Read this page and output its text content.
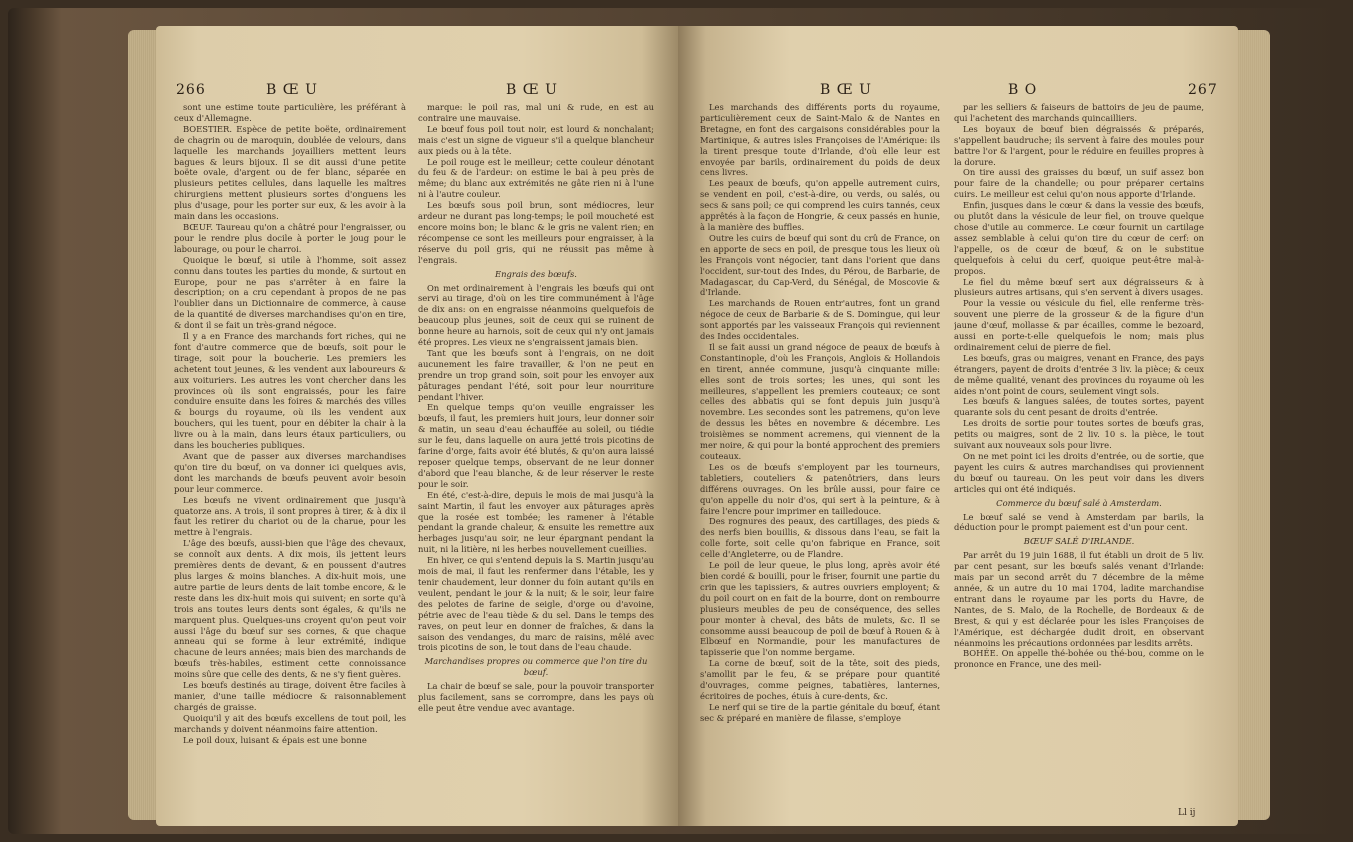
266	B Œ U	B Œ U

sont une estime toute particulière, les préférant à ceux d'Allemagne.

BOESTIER. Espèce de petite boëte, ordinairement de chagrin ou de maroquin, doublée de velours, dans laquelle les marchands joyailliers mettent leurs bagues & leurs bijoux. Il se dit aussi d'une petite boëte ovale, d'argent ou de fer blanc, séparée en plusieurs petites cellules, dans laquelle les maîtres chirurgiens mettent plusieurs sortes d'onguens les plus d'usage, pour les porter sur eux, & les avoir à la main dans les occasions.

BŒUF. Taureau qu'on a châtré pour l'engraisser, ou pour le rendre plus docile à porter le joug pour le labourage, ou pour le charroi.

Quoique le bœuf, si utile à l'homme, soit assez connu dans toutes les parties du monde, & surtout en Europe, pour ne pas s'arrêter à en faire la description; on a cru cependant à propos de ne pas l'oublier dans un Dictionnaire de commerce, à cause de la quantité de diverses marchandises qu'on en tire, & dont il se fait un très-grand négoce.

Il y a en France des marchands fort riches, qui ne font d'autre commerce que de bœufs, soit pour le tirage, soit pour la boucherie. Les premiers les achetent tout jeunes, & les vendent aux laboureurs & aux voituriers. Les autres les vont chercher dans les provinces où ils sont engraissés, pour les faire conduire ensuite dans les foires & marchés des villes & bourgs du royaume, où ils les vendent aux bouchers, qui les tuent, pour en débiter la chair à la livre ou à la main, dans leurs étaux particuliers, ou dans les boucheries publiques.

Avant que de passer aux diverses marchandises qu'on tire du bœuf, on va donner ici quelques avis, dont les marchands de bœufs peuvent avoir besoin pour leur commerce.

Les bœufs ne vivent ordinairement que jusqu'à quatorze ans. A trois, il sont propres à tirer, & à dix il faut les retirer du chariot ou de la charue, pour les mettre à l'engrais.

L'âge des bœufs, aussi-bien que l'âge des chevaux, se connoît aux dents. A dix mois, ils jettent leurs premières dents de devant, & en poussent d'autres plus larges & moins blanches. A dix-huit mois, une autre partie de leurs dents de lait tombe encore, & le reste dans les dix-huit mois qui suivent; en sorte qu'à trois ans toutes leurs dents sont égales, & qu'ils ne marquent plus. Quelques-uns croyent qu'on peut voir aussi l'âge du bœuf sur ses cornes, & que chaque anneau qui se forme à leur extrémité, indique chacune de leurs années; mais bien des marchands de bœufs très-habiles, estiment cette connoissance moins sûre que celle des dents, & ne s'y fient guères.

Les bœufs destinés au tirage, doivent être faciles à manier, d'une taille médiocre & raisonnablement chargés de graisse.

Quoiqu'il y ait des bœufs excellens de tout poil, les marchands y doivent néanmoins faire attention.

Le poil doux, luisant & épais est une bonne

marque: le poil ras, mal uni & rude, en est au contraire une mauvaise.

Le bœuf fous poil tout noir, est lourd & nonchalant; mais c'est un signe de vigueur s'il a quelque blancheur aux pieds ou à la tête.

Le poil rouge est le meilleur; cette couleur dénotant du feu & de l'ardeur: on estime le bai à peu près de même; du blanc aux extrémités ne gâte rien ni à l'une ni à l'autre couleur.

Les bœufs sous poil brun, sont médiocres, leur ardeur ne durant pas long-temps; le poil moucheté est encore moins bon; le blanc & le gris ne valent rien; en récompense ce sont les meilleurs pour engraisser, à la réserve du poil gris, qui ne réussit pas même à l'engrais.

Engrais des bœufs.

On met ordinairement à l'engrais les bœufs qui ont servi au tirage, d'où on les tire communément à l'âge de dix ans: on en engraisse néanmoins quelquefois de beaucoup plus jeunes, soit de ceux qui se ruinent de bonne heure au harnois, soit de ceux qui n'y ont jamais été propres. Les vieux ne s'engraissent jamais bien.

Tant que les bœufs sont à l'engrais, on ne doit aucunement les faire travailler, & l'on ne peut en prendre un trop grand soin, soit pour les envoyer aux pâturages pendant l'été, soit pour leur nourriture pendant l'hiver.

En quelque temps qu'on veuille engraisser les bœufs, il faut, les premiers huit jours, leur donner soir & matin, un seau d'eau échauffée au soleil, ou tiédie sur le feu, dans laquelle on aura jetté trois picotins de farine d'orge, faits avoir été blutés, & qu'on aura laissé reposer quelque temps, observant de ne leur donner d'abord que l'eau blanche, & de leur réserver le reste pour le soir.

En été, c'est-à-dire, depuis le mois de mai jusqu'à la saint Martin, il faut les envoyer aux pâturages après que la rosée est tombée; les ramener à l'étable pendant la grande chaleur, & ensuite les remettre aux herbages jusqu'au soir, ne leur épargnant pendant la nuit, ni la litière, ni les herbes nouvellement cueillies.

En hiver, ce qui s'entend depuis la S. Martin jusqu'au mois de mai, il faut les renfermer dans l'étable, les y tenir chaudement, leur donner du foin autant qu'ils en veulent, pendant le jour & la nuit; & le soir, leur faire des pelotes de farine de seigle, d'orge ou d'avoine, pétrie avec de l'eau tiède & du sel. Dans le temps des raves, on peut leur en donner de fraîches, & dans la saison des vendanges, du marc de raisins, mêlé avec trois picotins de son, le tout dans de l'eau chaude.

Marchandises propres ou commerce que l'on tire du bœuf.

La chair de bœuf se sale, pour la pouvoir transporter plus facilement, sans se corrompre, dans les pays où elle peut être vendue avec avantage.

B Œ U	B O	267

Les marchands des différents ports du royaume, particulièrement ceux de Saint-Malo & de Nantes en Bretagne, en font des cargaisons considérables pour la Martinique, & autres isles Françoises de l'Amérique: ils la tirent presque toute d'Irlande, d'où elle leur est envoyée par barils, ordinairement du poids de deux cens livres.

Les peaux de bœufs, qu'on appelle autrement cuirs, se vendent en poil, c'est-à-dire, ou verds, ou salés, ou secs & sans poil; ce qui comprend les cuirs tannés, ceux apprêtés à la façon de Hongrie, & ceux passés en hunie, à la manière des buffles.

Outre les cuirs de bœuf qui sont du crû de France, on en apporte de secs en poil, de presque tous les lieux où les François vont négocier, tant dans l'orient que dans l'occident, sur-tout des Indes, du Pérou, de Barbarie, de Madagascar, du Cap-Verd, du Sénégal, de Moscovie & d'Irlande.

Les marchands de Rouen entr'autres, font un grand négoce de ceux de Barbarie & de S. Domingue, qui leur sont apportés par les vaisseaux François qui reviennent des Indes occidentales.

Il se fait aussi un grand négoce de peaux de bœufs à Constantinople, d'où les François, Anglois & Hollandois en tirent, année commune, jusqu'à cinquante mille: elles sont de trois sortes; les unes, qui sont les meilleures, s'appellent les premiers couteaux; ce sont celles des abbatis qui se font depuis juin jusqu'à novembre. Les secondes sont les patremens, qu'on leve de dessus les bêtes en novembre & décembre. Les troisièmes se nomment acremens, qui viennent de la mer noire, & qui pour la bonté approchent des premiers couteaux.

Les os de bœufs s'employent par les tourneurs, tabletiers, couteliers & patenôtriers, dans leurs différens ouvrages. On les brûle aussi, pour faire ce qu'on appelle du noir d'os, qui sert à la peinture, & à faire l'encre pour imprimer en tailledouce.

Des rognures des peaux, des cartillages, des pieds & des nerfs bien bouillis, & dissous dans l'eau, se fait la colle forte, soit celle qu'on fabrique en France, soit celle d'Angleterre, ou de Flandre.

Le poil de leur queue, le plus long, après avoir été bien cordé & bouilli, pour le friser, fournit une partie du crin que les tapissiers, & autres ouvriers employent; & du poil court on en fait de la bourre, dont on rembourre plusieurs meubles de peu de conséquence, des selles pour monter à cheval, des bâts de mulets, &c. Il se consomme aussi beaucoup de poil de bœuf à Rouen & à Elbœuf en Normandie, pour les manufactures de tapisserie que l'on nomme bergame.

La corne de bœuf, soit de la tête, soit des pieds, s'amollit par le feu, & se prépare pour quantité d'ouvrages, comme peignes, tabatières, lanternes, écritoires de poches, étuis à cure-dents, &c.

Le nerf qui se tire de la partie génitale du bœuf, étant sec & préparé en manière de filasse, s'employe

par les selliers & faiseurs de battoirs de jeu de paume, qui l'achetent des marchands quincailliers.

Les boyaux de bœuf bien dégraissés & préparés, s'appellent baudruche; ils servent à faire des moules pour battre l'or & l'argent, pour le réduire en feuilles propres à la dorure.

On tire aussi des graisses du bœuf, un suif assez bon pour faire de la chandelle; ou pour préparer certains cuirs. Le meilleur est celui qu'on nous apporte d'Irlande.

Enfin, jusques dans le cœur & dans la vessie des bœufs, ou plutôt dans la vésicule de leur fiel, on trouve quelque chose d'utile au commerce. Le cœur fournit un cartilage assez semblable à celui qu'on tire du cœur de cerf: on l'appelle, os de cœur de bœuf, & on le substitue quelquefois à celui du cerf, quoique peut-être mal-à-propos.

Le fiel du même bœuf sert aux dégraisseurs & à plusieurs autres artisans, qui s'en servent à divers usages.

Pour la vessie ou vésicule du fiel, elle renferme très-souvent une pierre de la grosseur & de la figure d'un jaune d'œuf, mollasse & par écailles, comme le bezoard, aussi en porte-t-elle quelquefois le nom; mais plus ordinairement celui de pierre de fiel.

Les bœufs, gras ou maigres, venant en France, des pays étrangers, payent de droits d'entrée 3 liv. la pièce; & ceux de même qualité, venant des provinces du royaume où les aides n'ont point de cours, seulement vingt sols.

Les bœufs & langues salées, de toutes sortes, payent quarante sols du cent pesant de droits d'entrée.

Les droits de sortie pour toutes sortes de bœufs gras, petits ou maigres, sont de 2 liv. 10 s. la pièce, le tout suivant aux nouveaux sols pour livre.

On ne met point ici les droits d'entrée, ou de sortie, que payent les cuirs & autres marchandises qui proviennent du bœuf ou taureau. On les peut voir dans les divers articles qui ont été indiqués.

Commerce du bœuf salé à Amsterdam.

Le bœuf salé se vend à Amsterdam par barils, la déduction pour le prompt paiement est d'un pour cent.

BŒUF SALÉ D'IRLANDE.

Par arrêt du 19 juin 1688, il fut établi un droit de 5 liv. par cent pesant, sur les bœufs salés venant d'Irlande: mais par un second arrêt du 7 décembre de la même année, & un autre du 10 mai 1704, ladite marchandise entrant dans le royaume par les ports du Havre, de Nantes, de S. Malo, de la Rochelle, de Bordeaux & de Brest, & qui y est déclarée pour les isles Françoises de l'Amérique, est déchargée dudit droit, en observant néanmoins les précautions ordonnées par lesdits arrêts.

BOHÉE. On appelle thé-bohée ou thé-bou, comme on le prononce en France, une des meil-

Ll ij
